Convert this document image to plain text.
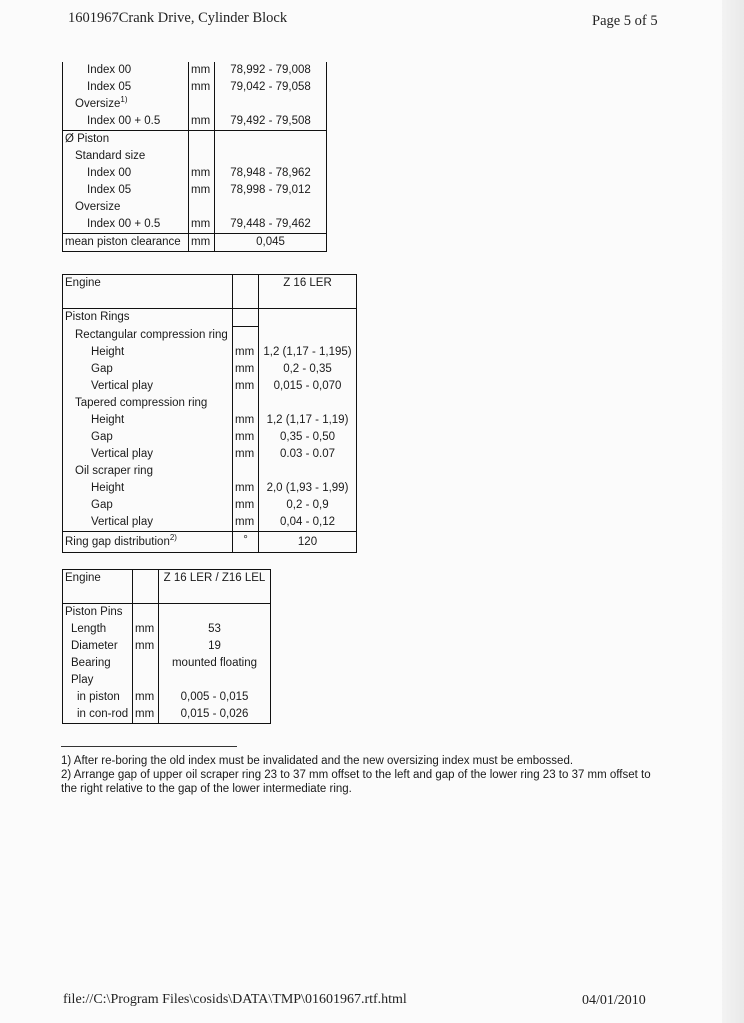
1601967Crank Drive, Cylinder Block	Page 5 of 5
Index 00	mm	78,992 - 79,008
Index 05	mm	79,042 - 79,058
Oversize$^{1)}$		
Index 00 + 0.5	mm	79,492 - 79,508
Ø Piston		
Standard size		
Index 00	mm	78,948 - 78,962
Index 05	mm	78,998 - 79,012
Oversize		
Index 00 + 0.5	mm	79,448 - 79,462
mean piston clearance	mm	0,045
Engine		Z 16 LER

Piston Rings		
Rectangular compression ring		
Height	mm	1,2 (1,17 - 1,195)
Gap	mm	0,2 - 0,35
Vertical play	mm	0,015 - 0,070
Tapered compression ring		
Height	mm	1,2 (1,17 - 1,19)
Gap	mm	0,35 - 0,50
Vertical play	mm	0.03 - 0.07
Oil scraper ring		
Height	mm	2,0 (1,93 - 1,99)
Gap	mm	0,2 - 0,9
Vertical play	mm	0,04 - 0,12
Ring gap distribution$^{2)}$	°	120
Engine		Z 16 LER / Z16 LEL

Piston Pins		
Length	mm	53
Diameter	mm	19
Bearing		mounted floating
Play		
in piston	mm	0,005 - 0,015
in con-rod	mm	0,015 - 0,026
1) After re-boring the old index must be invalidated and the new oversizing index must be embossed.
2) Arrange gap of upper oil scraper ring 23 to 37 mm offset to the left and gap of the lower ring 23 to 37 mm offset to the right relative to the gap of the lower intermediate ring.
file://C:\Program Files\cosids\DATA\TMP\01601967.rtf.html	04/01/2010
